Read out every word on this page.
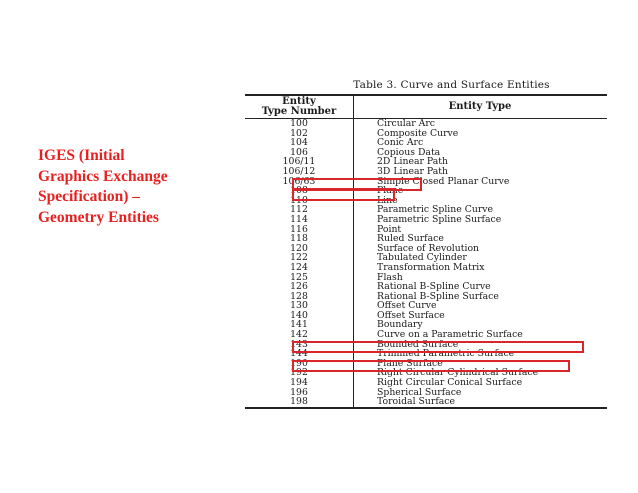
IGES (Initial
Graphics Exchange
Specification) –
Geometry Entities
Table 3. Curve and Surface Entities
Entity
Type Number	Entity Type
100	Circular Arc
102	Composite Curve
104	Conic Arc
106	Copious Data
106/11	2D Linear Path
106/12	3D Linear Path
106/63	Simple Closed Planar Curve
108	Plane
110	Line
112	Parametric Spline Curve
114	Parametric Spline Surface
116	Point
118	Ruled Surface
120	Surface of Revolution
122	Tabulated Cylinder
124	Transformation Matrix
125	Flash
126	Rational B-Spline Curve
128	Rational B-Spline Surface
130	Offset Curve
140	Offset Surface
141	Boundary
142	Curve on a Parametric Surface
143	Bounded Surface
144	Trimmed Parametric Surface
190	Plane Surface
192	Right Circular Cylindrical Surface
194	Right Circular Conical Surface
196	Spherical Surface
198	Toroidal Surface
